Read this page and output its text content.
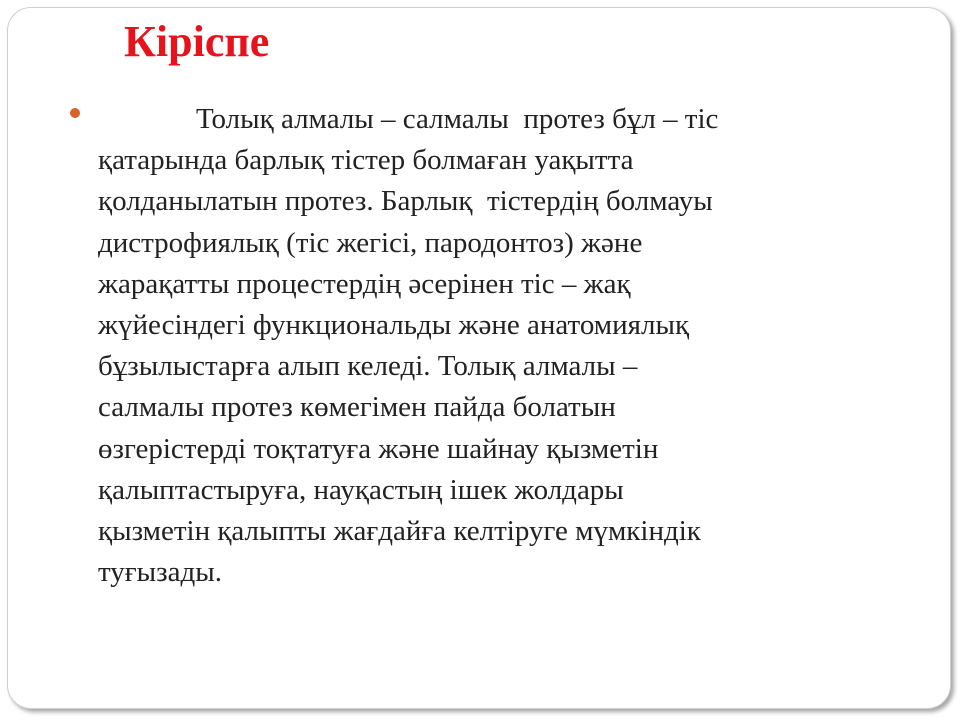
Кіріспе

Толық алмалы – салмалы  протез бұл – тіс
қатарында барлық тістер болмаған уақытта
қолданылатын протез. Барлық  тістердің болмауы
дистрофиялық (тіс жегісі, пародонтоз) және
жарақатты процестердің әсерінен тіс – жақ
жүйесіндегі функциональды және анатомиялық
бұзылыстарға алып келеді. Толық алмалы –
салмалы протез көмегімен пайда болатын
өзгерістерді тоқтатуға және шайнау қызметін
қалыптастыруға, науқастың ішек жолдары
қызметін қалыпты жағдайға келтіруге мүмкіндік
туғызады.
